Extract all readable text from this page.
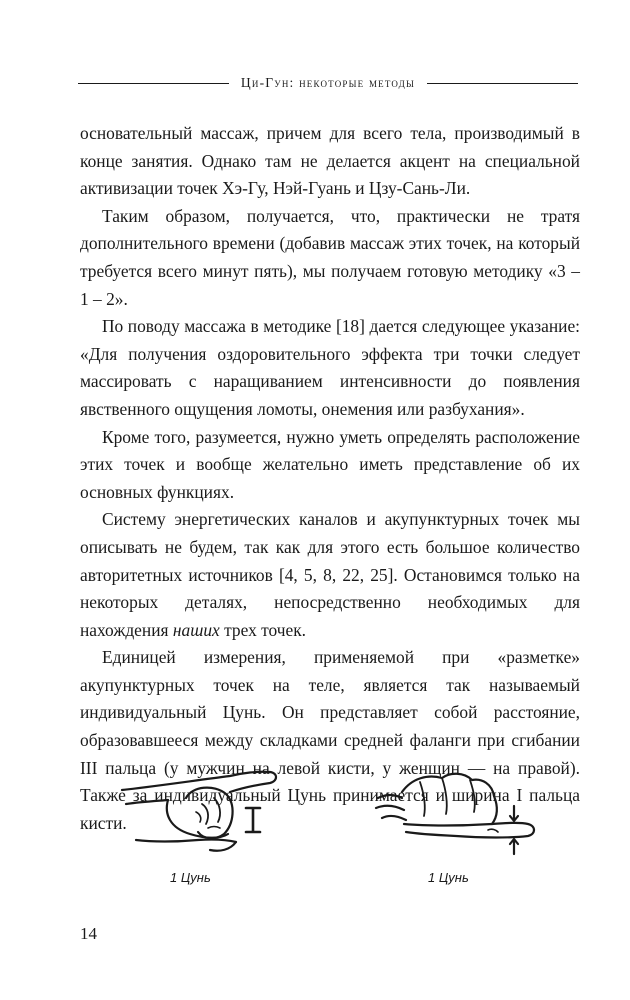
Ци-Гун: некоторые методы

основательный массаж, причем для всего тела, производимый в конце занятия. Однако там не делается акцент на специальной активизации точек Хэ-Гу, Нэй-Гуань и Цзу-Сань-Ли.

Таким образом, получается, что, практически не тратя дополнительного времени (добавив массаж этих точек, на который требуется всего минут пять), мы получаем готовую методику «3 – 1 – 2».

По поводу массажа в методике [18] дается следующее указание: «Для получения оздоровительного эффекта три точки следует массировать с наращиванием интенсивности до появления явственного ощущения ломоты, онемения или разбухания».

Кроме того, разумеется, нужно уметь определять расположение этих точек и вообще желательно иметь представление об их основных функциях.

Систему энергетических каналов и акупунктурных точек мы описывать не будем, так как для этого есть большое количество авторитетных источников [4, 5, 8, 22, 25]. Остановимся только на некоторых деталях, непосредственно необходимых для нахождения наших трех точек.

Единицей измерения, применяемой при «разметке» акупунктурных точек на теле, является так называемый индивидуальный Цунь. Он представляет собой расстояние, образовавшееся между складками средней фаланги при сгибании III пальца (у мужчин на левой кисти, у женщин — на правой). Также за индивидуальный Цунь принимается и ширина I пальца кисти.

1 Цунь	1 Цунь
14
